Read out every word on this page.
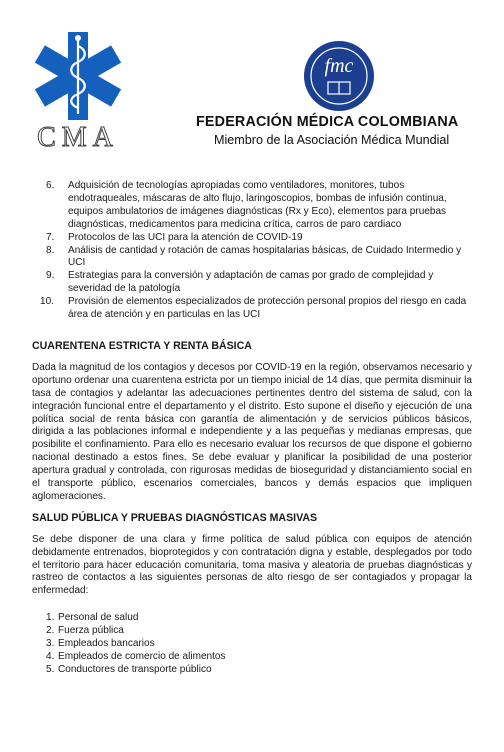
CMA
fmc
FEDERACIÓN MÉDICA COLOMBIANA
Miembro de la Asociación Médica Mundial
6.	Adquisición de tecnologías apropiadas como ventiladores, monitores, tubos endotraqueales, máscaras de alto flujo, laringoscopios, bombas de infusión continua, equipos ambulatorios de imágenes diagnósticas (Rx y Eco), elementos para pruebas diagnósticas, medicamentos para medicina crítica, carros de paro cardiaco
7.	Protocolos de las UCI para la atención de COVID-19
8.	Análisis de cantidad y rotación de camas hospitalarias básicas, de Cuidado Intermedio y UCI
9.	Estrategias para la conversión y adaptación de camas por grado de complejidad y severidad de la patología
10.	Provisión de elementos especializados de protección personal propios del riesgo en cada área de atención y en particulas en las UCI
CUARENTENA ESTRICTA Y RENTA BÁSICA

Dada la magnitud de los contagios y decesos por COVID-19 en la región, observamos necesario y oportuno ordenar una cuarentena estricta por un tiempo inicial de 14 días, que permita disminuir la tasa de contagios y adelantar las adecuaciones pertinentes dentro del sistema de salud, con la integración funcional entre el departamento y el distrito. Esto supone el diseño y ejecución de una política social de renta básica con garantía de alimentación y de servicios públicos básicos, dirigida a las poblaciones informal e independiente y a las pequeñas y medianas empresas, que posibilite el confinamiento. Para ello es necesario evaluar los recursos de que dispone el gobierno nacional destinado a estos fines. Se debe evaluar y planificar la posibilidad de una posterior apertura gradual y controlada, con rigurosas medidas de bioseguridad y distanciamiento social en el transporte público, escenarios comerciales, bancos y demás espacios que impliquen aglomeraciones.

SALUD PÚBLICA Y PRUEBAS DIAGNÓSTICAS MASIVAS

Se debe disponer de una clara y firme política de salud pública con equipos de atención debidamente entrenados, bioprotegidos y con contratación digna y estable, desplegados por todo el territorio para hacer educación comunitaria, toma masiva y aleatoria de pruebas diagnósticas y rastreo de contactos a las siguientes personas de alto riesgo de ser contagiados y propagar la enfermedad:

1. Personal de salud
2. Fuerza pública
3. Empleados bancarios
4. Empleados de comercio de alimentos
5. Conductores de transporte público
